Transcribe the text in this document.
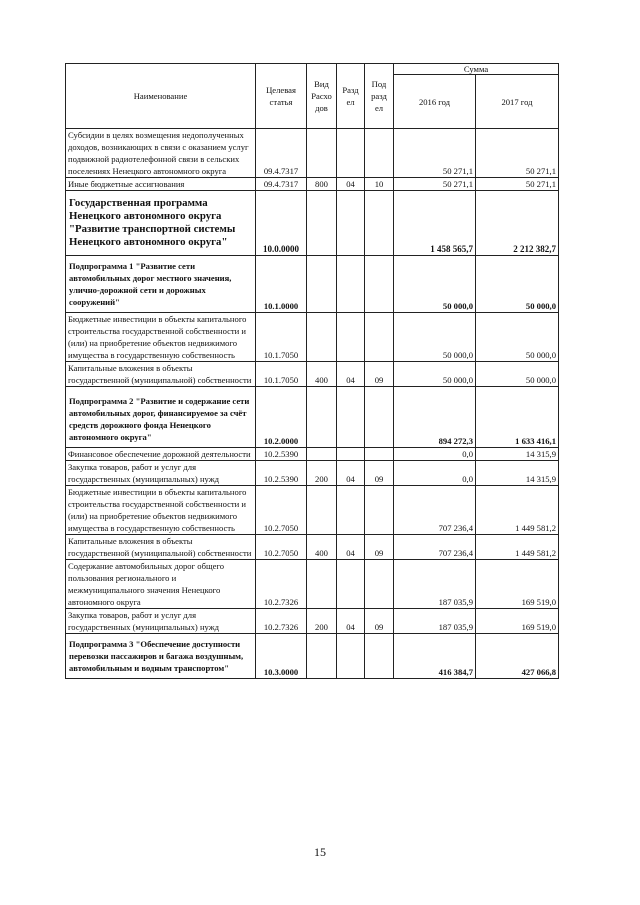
Наименование	Целевая статья	Вид Расхо дов	Разд ел	Под разд ел	Сумма	
					2016 год	2017 год
Субсидии в целях возмещения недополученных доходов, возникающих в связи с оказанием услуг подвижной радиотелефонной связи в сельских поселениях Ненецкого автономного округа	09.4.7317				50 271,1	50 271,1
Иные бюджетные ассигнования	09.4.7317	800	04	10	50 271,1	50 271,1
Государственная программа Ненецкого автономного округа "Развитие транспортной системы Ненецкого автономного округа"	10.0.0000				1 458 565,7	2 212 382,7
Подпрограмма 1 "Развитие сети автомобильных дорог местного значения, улично-дорожной сети и дорожных сооружений"	10.1.0000				50 000,0	50 000,0
Бюджетные инвестиции в объекты капитального строительства государственной собственности и (или) на приобретение объектов недвижимого имущества в государственную собственность	10.1.7050				50 000,0	50 000,0
Капитальные вложения в объекты государственной (муниципальной) собственности	10.1.7050	400	04	09	50 000,0	50 000,0
Подпрограмма 2 "Развитие и содержание сети автомобильных дорог, финансируемое за счёт средств дорожного фонда Ненецкого автономного округа"	10.2.0000				894 272,3	1 633 416,1
Финансовое обеспечение дорожной деятельности	10.2.5390				0,0	14 315,9
Закупка товаров, работ и услуг для государственных (муниципальных) нужд	10.2.5390	200	04	09	0,0	14 315,9
Бюджетные инвестиции в объекты капитального строительства государственной собственности и (или) на приобретение объектов недвижимого имущества в государственную собственность	10.2.7050				707 236,4	1 449 581,2
Капитальные вложения в объекты государственной (муниципальной) собственности	10.2.7050	400	04	09	707 236,4	1 449 581,2
Содержание автомобильных дорог общего пользования регионального и межмуниципального значения Ненецкого автономного округа	10.2.7326				187 035,9	169 519,0
Закупка товаров, работ и услуг для государственных (муниципальных) нужд	10.2.7326	200	04	09	187 035,9	169 519,0
Подпрограмма 3 "Обеспечение доступности перевозки пассажиров и багажа воздушным, автомобильным и водным транспортом"	10.3.0000				416 384,7	427 066,8
15
